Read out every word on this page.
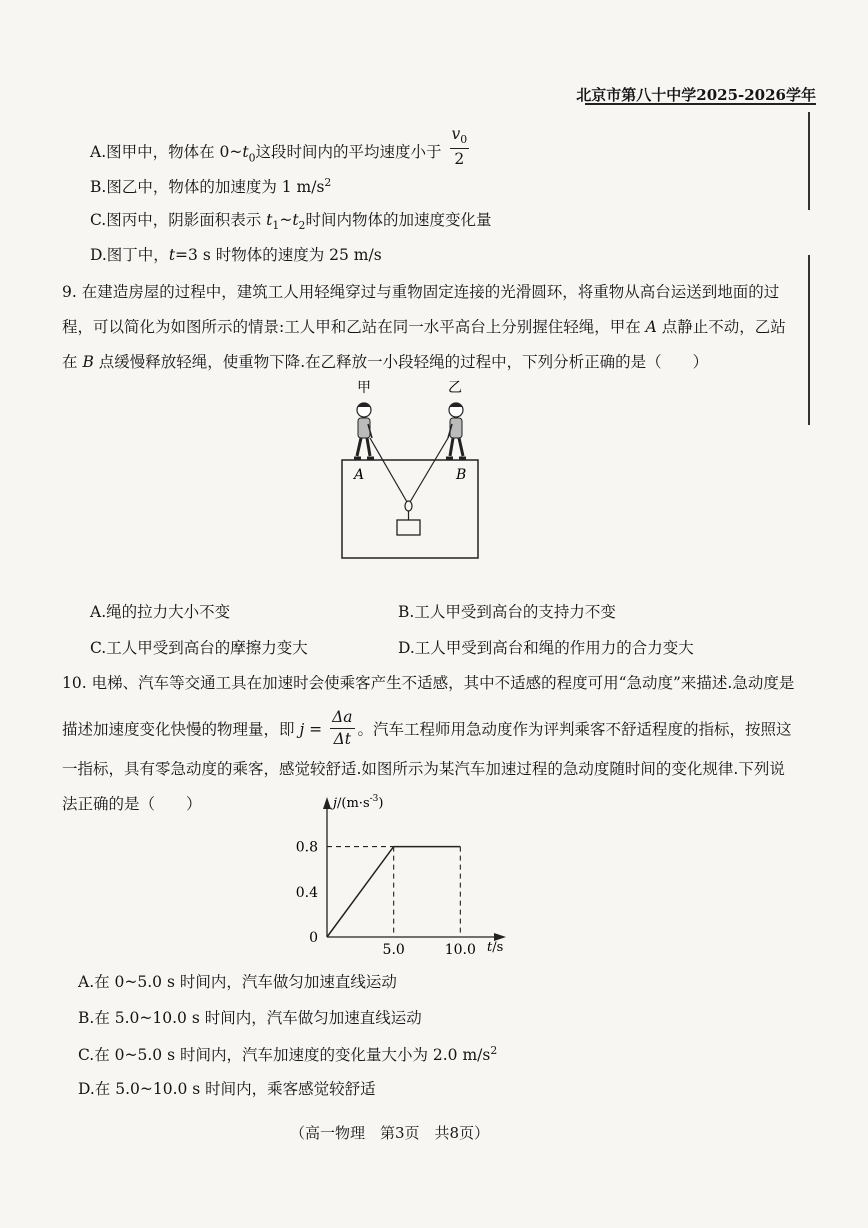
北京市第八十中学2025-2026学年
A.图甲中，物体在 $0\sim t_0$这段时间内的平均速度小于 $\frac{v_0}{2}$
B.图乙中，物体的加速度为 1 $m/s^2$
C.图丙中，阴影面积表示 $t_1\sim t_2$时间内物体的加速度变化量
D.图丁中，t=3 s 时物体的速度为 25 m/s
9. 在建造房屋的过程中，建筑工人用轻绳穿过与重物固定连接的光滑圆环，将重物从高台运送到地面的过
程，可以简化为如图所示的情景:工人甲和乙站在同一水平高台上分别握住轻绳，甲在 A 点静止不动，乙站
在 B 点缓慢释放轻绳，使重物下降.在乙释放一小段轻绳的过程中，下列分析正确的是（　　）
甲	乙
A	B
A.绳的拉力大小不变	B.工人甲受到高台的支持力不变
C.工人甲受到高台的摩擦力变大	D.工人甲受到高台和绳的作用力的合力变大
10. 电梯、汽车等交通工具在加速时会使乘客产生不适感，其中不适感的程度可用“急动度”来描述.急动度是
描述加速度变化快慢的物理量，即 $j = \frac{\Delta a}{\Delta t}$ 。汽车工程师用急动度作为评判乘客不舒适程度的指标，按照这
一指标，具有零急动度的乘客，感觉较舒适.如图所示为某汽车加速过程的急动度随时间的变化规律.下列说
法正确的是（　　）	$j/(m\cdot s^{-3})$
t/s
0.8
0.4
0
5.0	10.0
A.在 0~5.0 s 时间内，汽车做匀加速直线运动
B.在 5.0~10.0 s 时间内，汽车做匀加速直线运动
C.在 0~5.0 s 时间内，汽车加速度的变化量大小为 2.0 $m/s^2$
D.在 5.0~10.0 s 时间内，乘客感觉较舒适
（高一物理　第3页　共8页）
